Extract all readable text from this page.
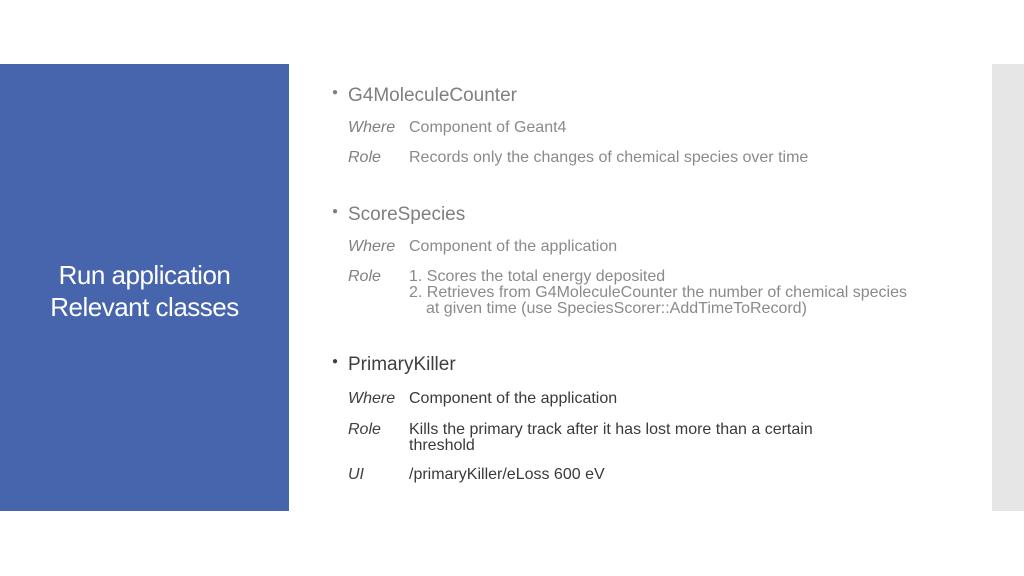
Run application
Relevant classes
● G4MoleculeCounter
Where Component of Geant4
Role	Records only the changes of chemical species over time
● ScoreSpecies
Where Component of the application
Role	1. Scores the total energy deposited
2. Retrieves from G4MoleculeCounter the number of chemical species
at given time (use SpeciesScorer::AddTimeToRecord)
● PrimaryKiller
Where Component of the application
Role	Kills the primary track after it has lost more than a certain
threshold
UI	/primaryKiller/eLoss 600 eV
